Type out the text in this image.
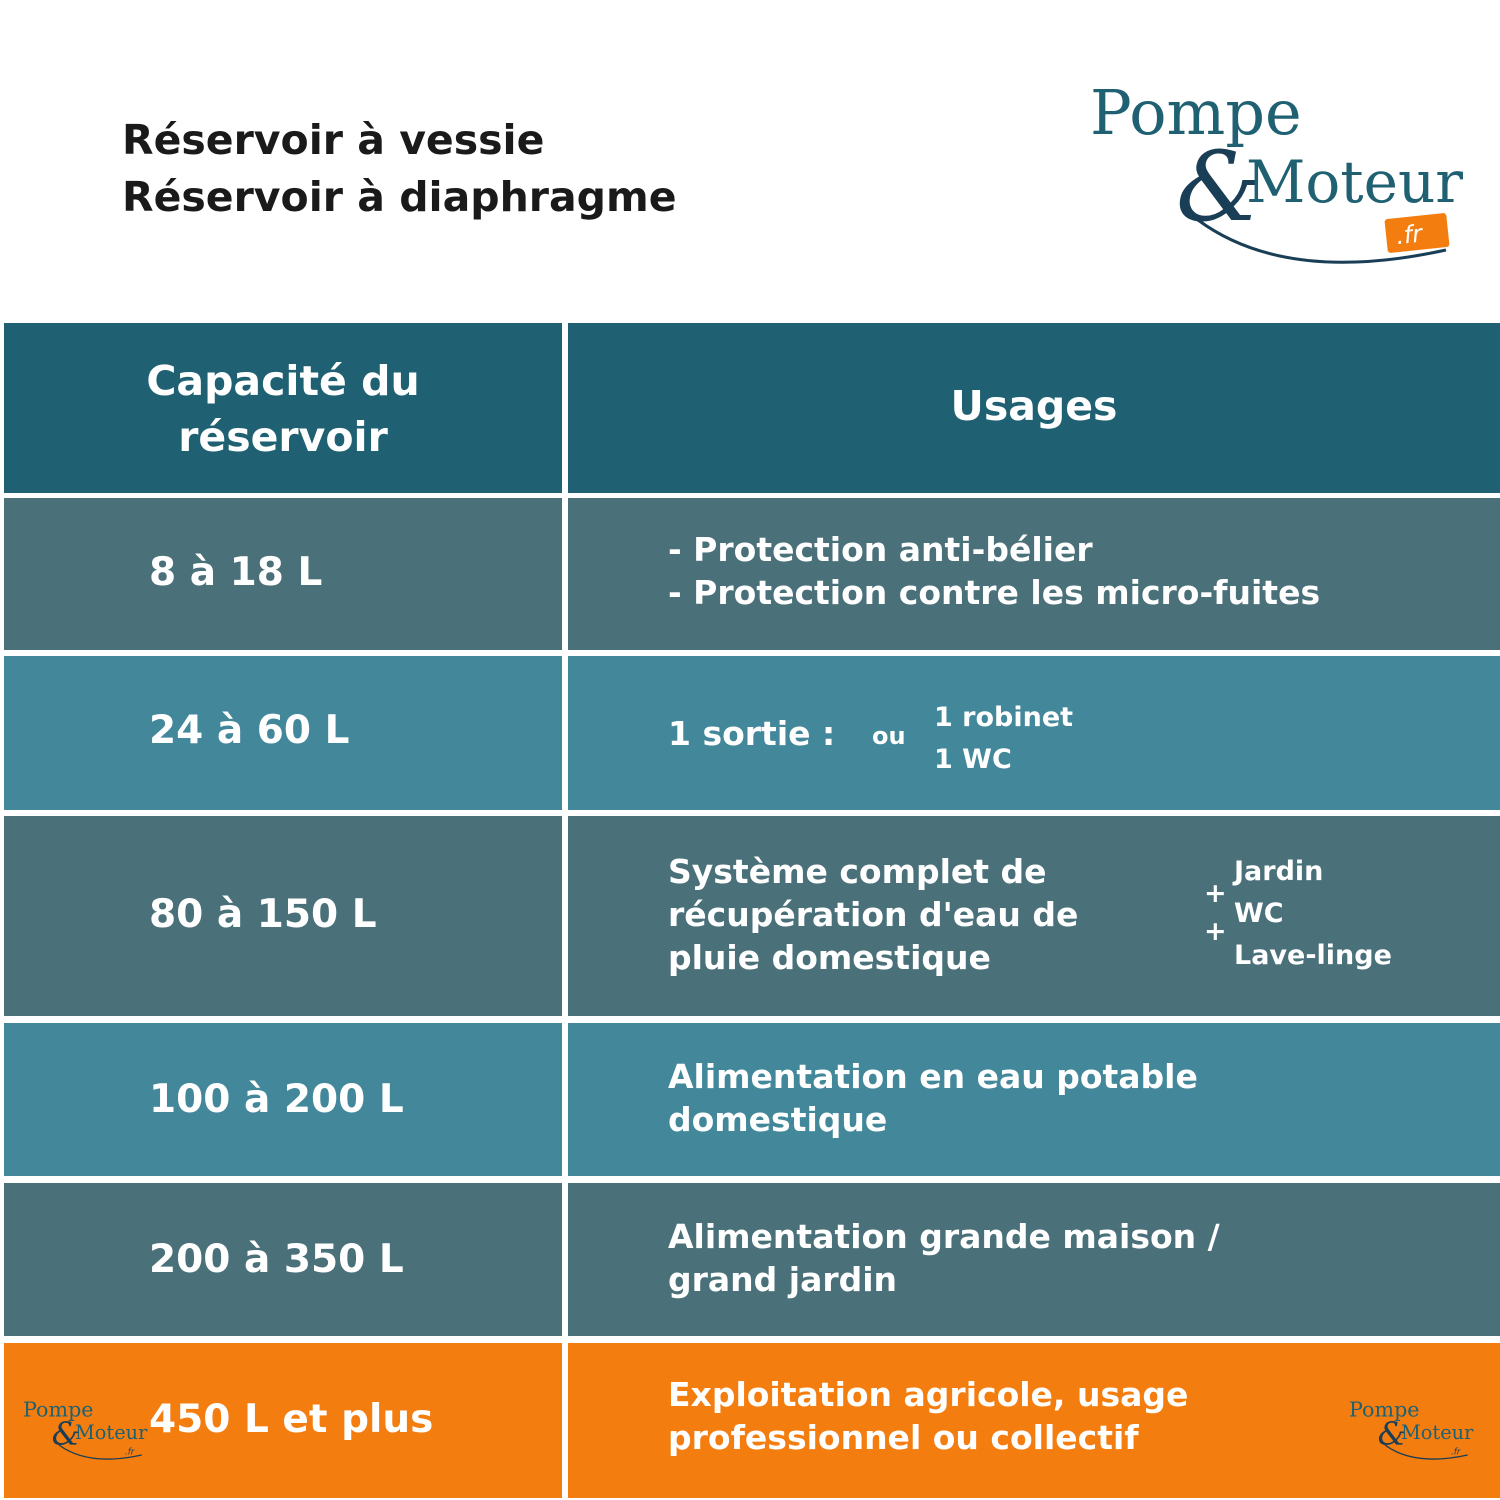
Réservoir à vessie
Réservoir à diaphragme
Pompe
&
Moteur
.fr
Capacité du
réservoir
Usages
8 à 18 L
- Protection anti-bélier
- Protection contre les micro-fuites
24 à 60 L	1 sortie : ou
1 robinet
1 WC
80 à 150 L
Système complet de
récupération d'eau de
pluie domestique
Jardin
+
WC
+
Lave-linge
100 à 200 L
Alimentation en eau potable
domestique
200 à 350 L
Alimentation grande maison /
grand jardin
Pompe
&
Moteur
.fr
450 L et plus
Exploitation agricole, usage
professionnel ou collectif
Pompe
&
Moteur
.fr
